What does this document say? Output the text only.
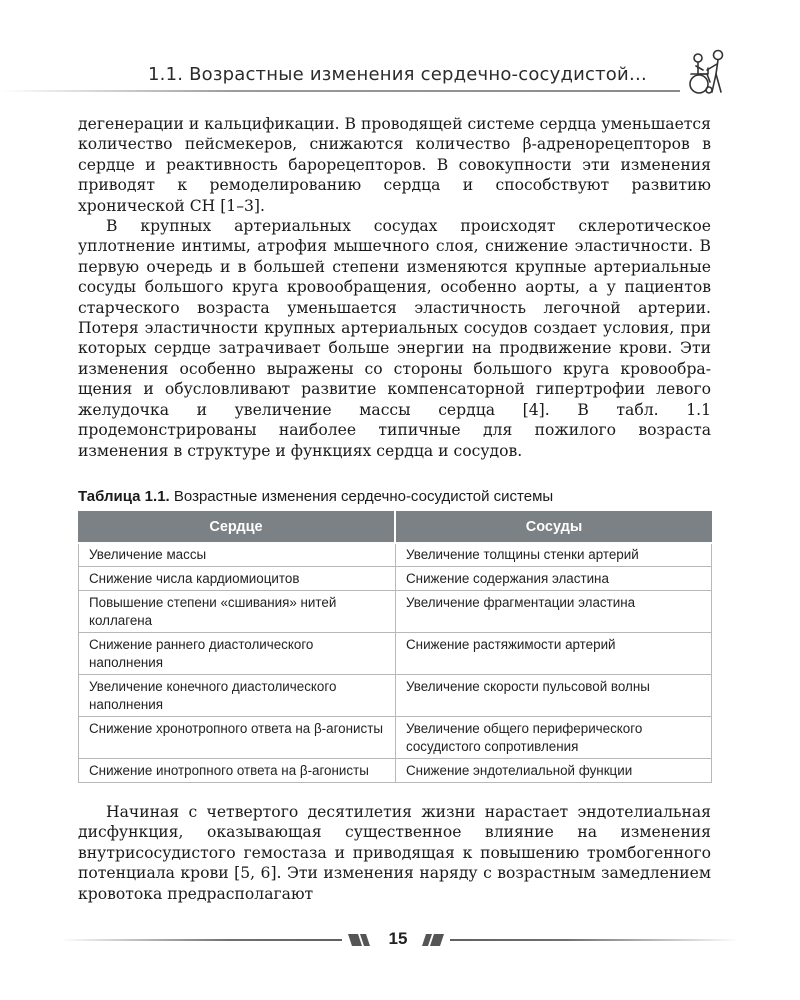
1.1. Возрастные изменения сердечно-сосудистой…

дегенерации и кальцификации. В проводящей системе сердца уменьшается количество пейсмекеров, снижаются количество β-адренорецепторов в сердце и реактивность барорецепторов. В совокупности эти изменения приводят к ремоделированию сердца и способствуют развитию хронической СН [1–3].

В крупных артериальных сосудах происходят склеротическое уплотнение интимы, атрофия мышечного слоя, снижение эластичности. В первую очередь и в большей степени изменяются крупные артериальные сосуды большого круга кровообращения, особенно аорты, а у пациентов старческого возраста уменьшается эластичность легочной артерии. Потеря эластичности крупных артериальных сосудов создает условия, при которых сердце затрачивает больше энергии на продвижение крови. Эти изменения особенно выражены со стороны большого круга кровообращения и обусловливают развитие компенсаторной гипертрофии левого желудочка и увеличение массы сердца [4]. В табл. 1.1 продемонстрированы наиболее типичные для пожилого возраста изменения в структуре и функциях сердца и сосудов.

Таблица 1.1. Возрастные изменения сердечно-сосудистой системы
Сердце	Сосуды

Увеличение массы	Увеличение толщины стенки артерий
Снижение числа кардиомиоцитов	Снижение содержания эластина
Повышение степени «сшивания» нитей коллагена	Увеличение фрагментации эластина
Снижение раннего диастолического наполнения	Снижение растяжимости артерий
Увеличение конечного диастолического наполнения	Увеличение скорости пульсовой волны
Снижение хронотропного ответа на β-агонисты	Увеличение общего периферического сосудистого сопротивления
Снижение инотропного ответа на β-агонисты	Снижение эндотелиальной функции

Начиная с четвертого десятилетия жизни нарастает эндотелиальная дисфункция, оказывающая существенное влияние на изменения внутрисосудистого гемостаза и приводящая к повышению тромбогенного потенциала крови [5, 6]. Эти изменения наряду с возрастным замедлением кровотока предрасполагают

15
